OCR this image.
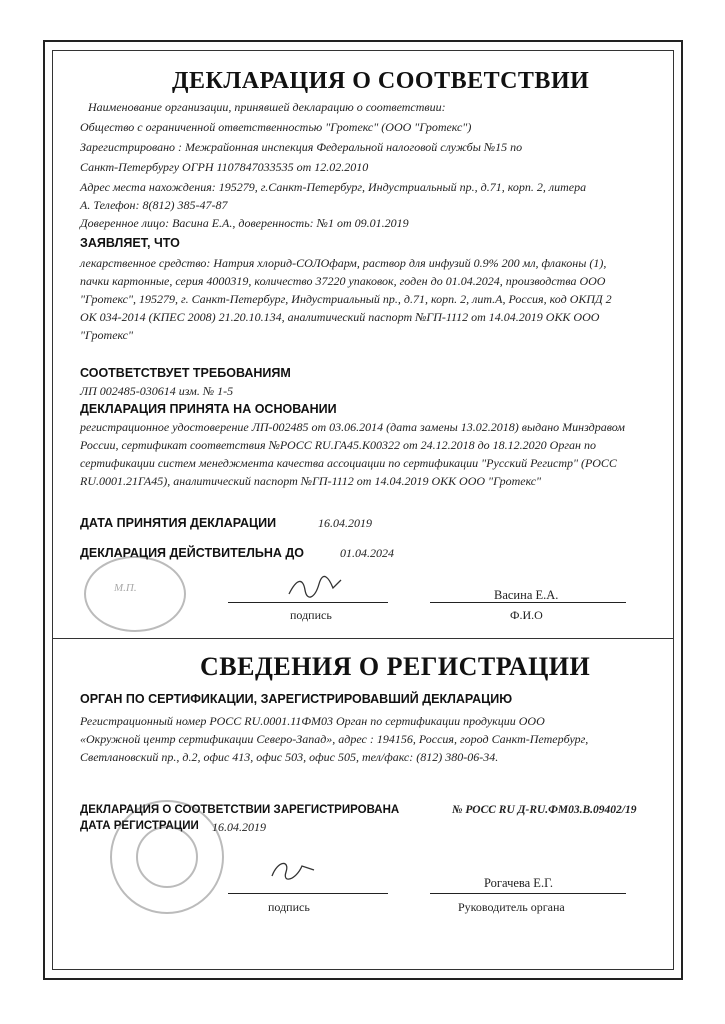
ДЕКЛАРАЦИЯ О СООТВЕТСТВИИ
Наименование организации, принявшей декларацию о соответствии:
Общество с ограниченной ответственностью "Гротекс" (ООО "Гротекс")
Зарегистрировано : Межрайонная инспекция Федеральной налоговой службы №15 по
Санкт-Петербургу ОГРН 1107847033535 от 12.02.2010
Адрес места нахождения: 195279, г.Санкт-Петербург, Индустриальный пр., д.71, корп. 2, литера
А. Телефон: 8(812) 385-47-87
Доверенное лицо: Васина Е.А., доверенность: №1 от 09.01.2019
ЗАЯВЛЯЕТ, ЧТО
лекарственное средство: Натрия хлорид-СОЛОфарм, раствор для инфузий 0.9% 200 мл, флаконы (1),
пачки картонные, серия 4000319, количество 37220 упаковок, годен до 01.04.2024, производства ООО
"Гротекс", 195279, г. Санкт-Петербург, Индустриальный пр., д.71, корп. 2, лит.А, Россия, код ОКПД 2
ОК 034-2014 (КПЕС 2008) 21.20.10.134, аналитический паспорт №ГП-1112 от 14.04.2019 ОКК ООО
"Гротекс"
СООТВЕТСТВУЕТ ТРЕБОВАНИЯМ
ЛП 002485-030614 изм. № 1-5
ДЕКЛАРАЦИЯ ПРИНЯТА НА ОСНОВАНИИ
регистрационное удостоверение ЛП-002485 от 03.06.2014 (дата замены 13.02.2018) выдано Минздравом
России, сертификат соответствия №РОСС RU.ГА45.К00322 от 24.12.2018 до 18.12.2020 Орган по
сертификации систем менеджмента качества ассоциации по сертификации "Русский Регистр" (РОСС
RU.0001.21ГА45), аналитический паспорт №ГП-1112 от 14.04.2019 ОКК ООО "Гротекс"
ДАТА ПРИНЯТИЯ ДЕКЛАРАЦИИ	16.04.2019
ДЕКЛАРАЦИЯ ДЕЙСТВИТЕЛЬНА ДО	01.04.2024
М.П.
подпись
Васина Е.А.
Ф.И.О
СВЕДЕНИЯ О РЕГИСТРАЦИИ
ОРГАН ПО СЕРТИФИКАЦИИ, ЗАРЕГИСТРИРОВАВШИЙ ДЕКЛАРАЦИЮ
Регистрационный номер РОСС RU.0001.11ФМ03 Орган по сертификации продукции ООО
«Окружной центр сертификации Северо-Запад», адрес : 194156, Россия, город Санкт-Петербург,
Светлановский пр., д.2, офис 413, офис 503, офис 505, тел/факс: (812) 380-06-34.
ДЕКЛАРАЦИЯ О СООТВЕТСТВИИ ЗАРЕГИСТРИРОВАНА	№ РОСС RU Д-RU.ФМ03.В.09402/19
ДАТА РЕГИСТРАЦИИ 16.04.2019
подпись
Рогачева Е.Г.
Руководитель органа
